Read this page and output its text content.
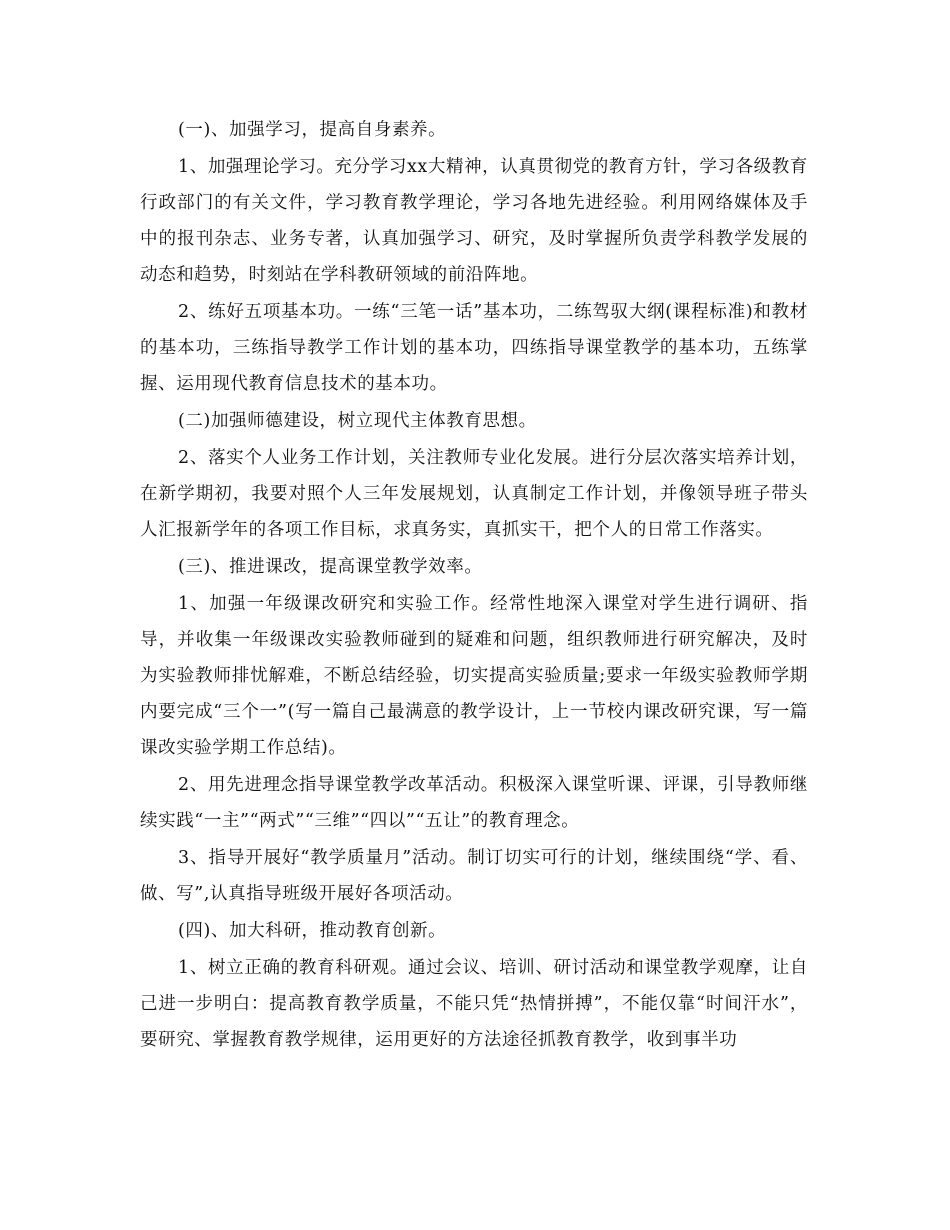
(一)、加强学习，提高自身素养。

1、加强理论学习。充分学习xx大精神，认真贯彻党的教育方针，学习各级教育行政部门的有关文件，学习教育教学理论，学习各地先进经验。利用网络媒体及手中的报刊杂志、业务专著，认真加强学习、研究，及时掌握所负责学科教学发展的动态和趋势，时刻站在学科教研领域的前沿阵地。

2、练好五项基本功。一练“三笔一话”基本功，二练驾驭大纲(课程标准)和教材的基本功，三练指导教学工作计划的基本功，四练指导课堂教学的基本功，五练掌握、运用现代教育信息技术的基本功。

(二)加强师德建设，树立现代主体教育思想。

2、落实个人业务工作计划，关注教师专业化发展。进行分层次落实培养计划，在新学期初，我要对照个人三年发展规划，认真制定工作计划，并像领导班子带头人汇报新学年的各项工作目标，求真务实，真抓实干，把个人的日常工作落实。

(三)、推进课改，提高课堂教学效率。

1、加强一年级课改研究和实验工作。经常性地深入课堂对学生进行调研、指导，并收集一年级课改实验教师碰到的疑难和问题，组织教师进行研究解决，及时为实验教师排忧解难，不断总结经验，切实提高实验质量;要求一年级实验教师学期内要完成“三个一”(写一篇自己最满意的教学设计，上一节校内课改研究课，写一篇课改实验学期工作总结)。

2、用先进理念指导课堂教学改革活动。积极深入课堂听课、评课，引导教师继续实践“一主”“两式”“三维”“四以”“五让”的教育理念。

3、指导开展好“教学质量月”活动。制订切实可行的计划，继续围绕“学、看、做、写”,认真指导班级开展好各项活动。

(四)、加大科研，推动教育创新。

1、树立正确的教育科研观。通过会议、培训、研讨活动和课堂教学观摩，让自己进一步明白：提高教育教学质量，不能只凭“热情拼搏”，不能仅靠“时间汗水”，要研究、掌握教育教学规律，运用更好的方法途径抓教育教学，收到事半功
